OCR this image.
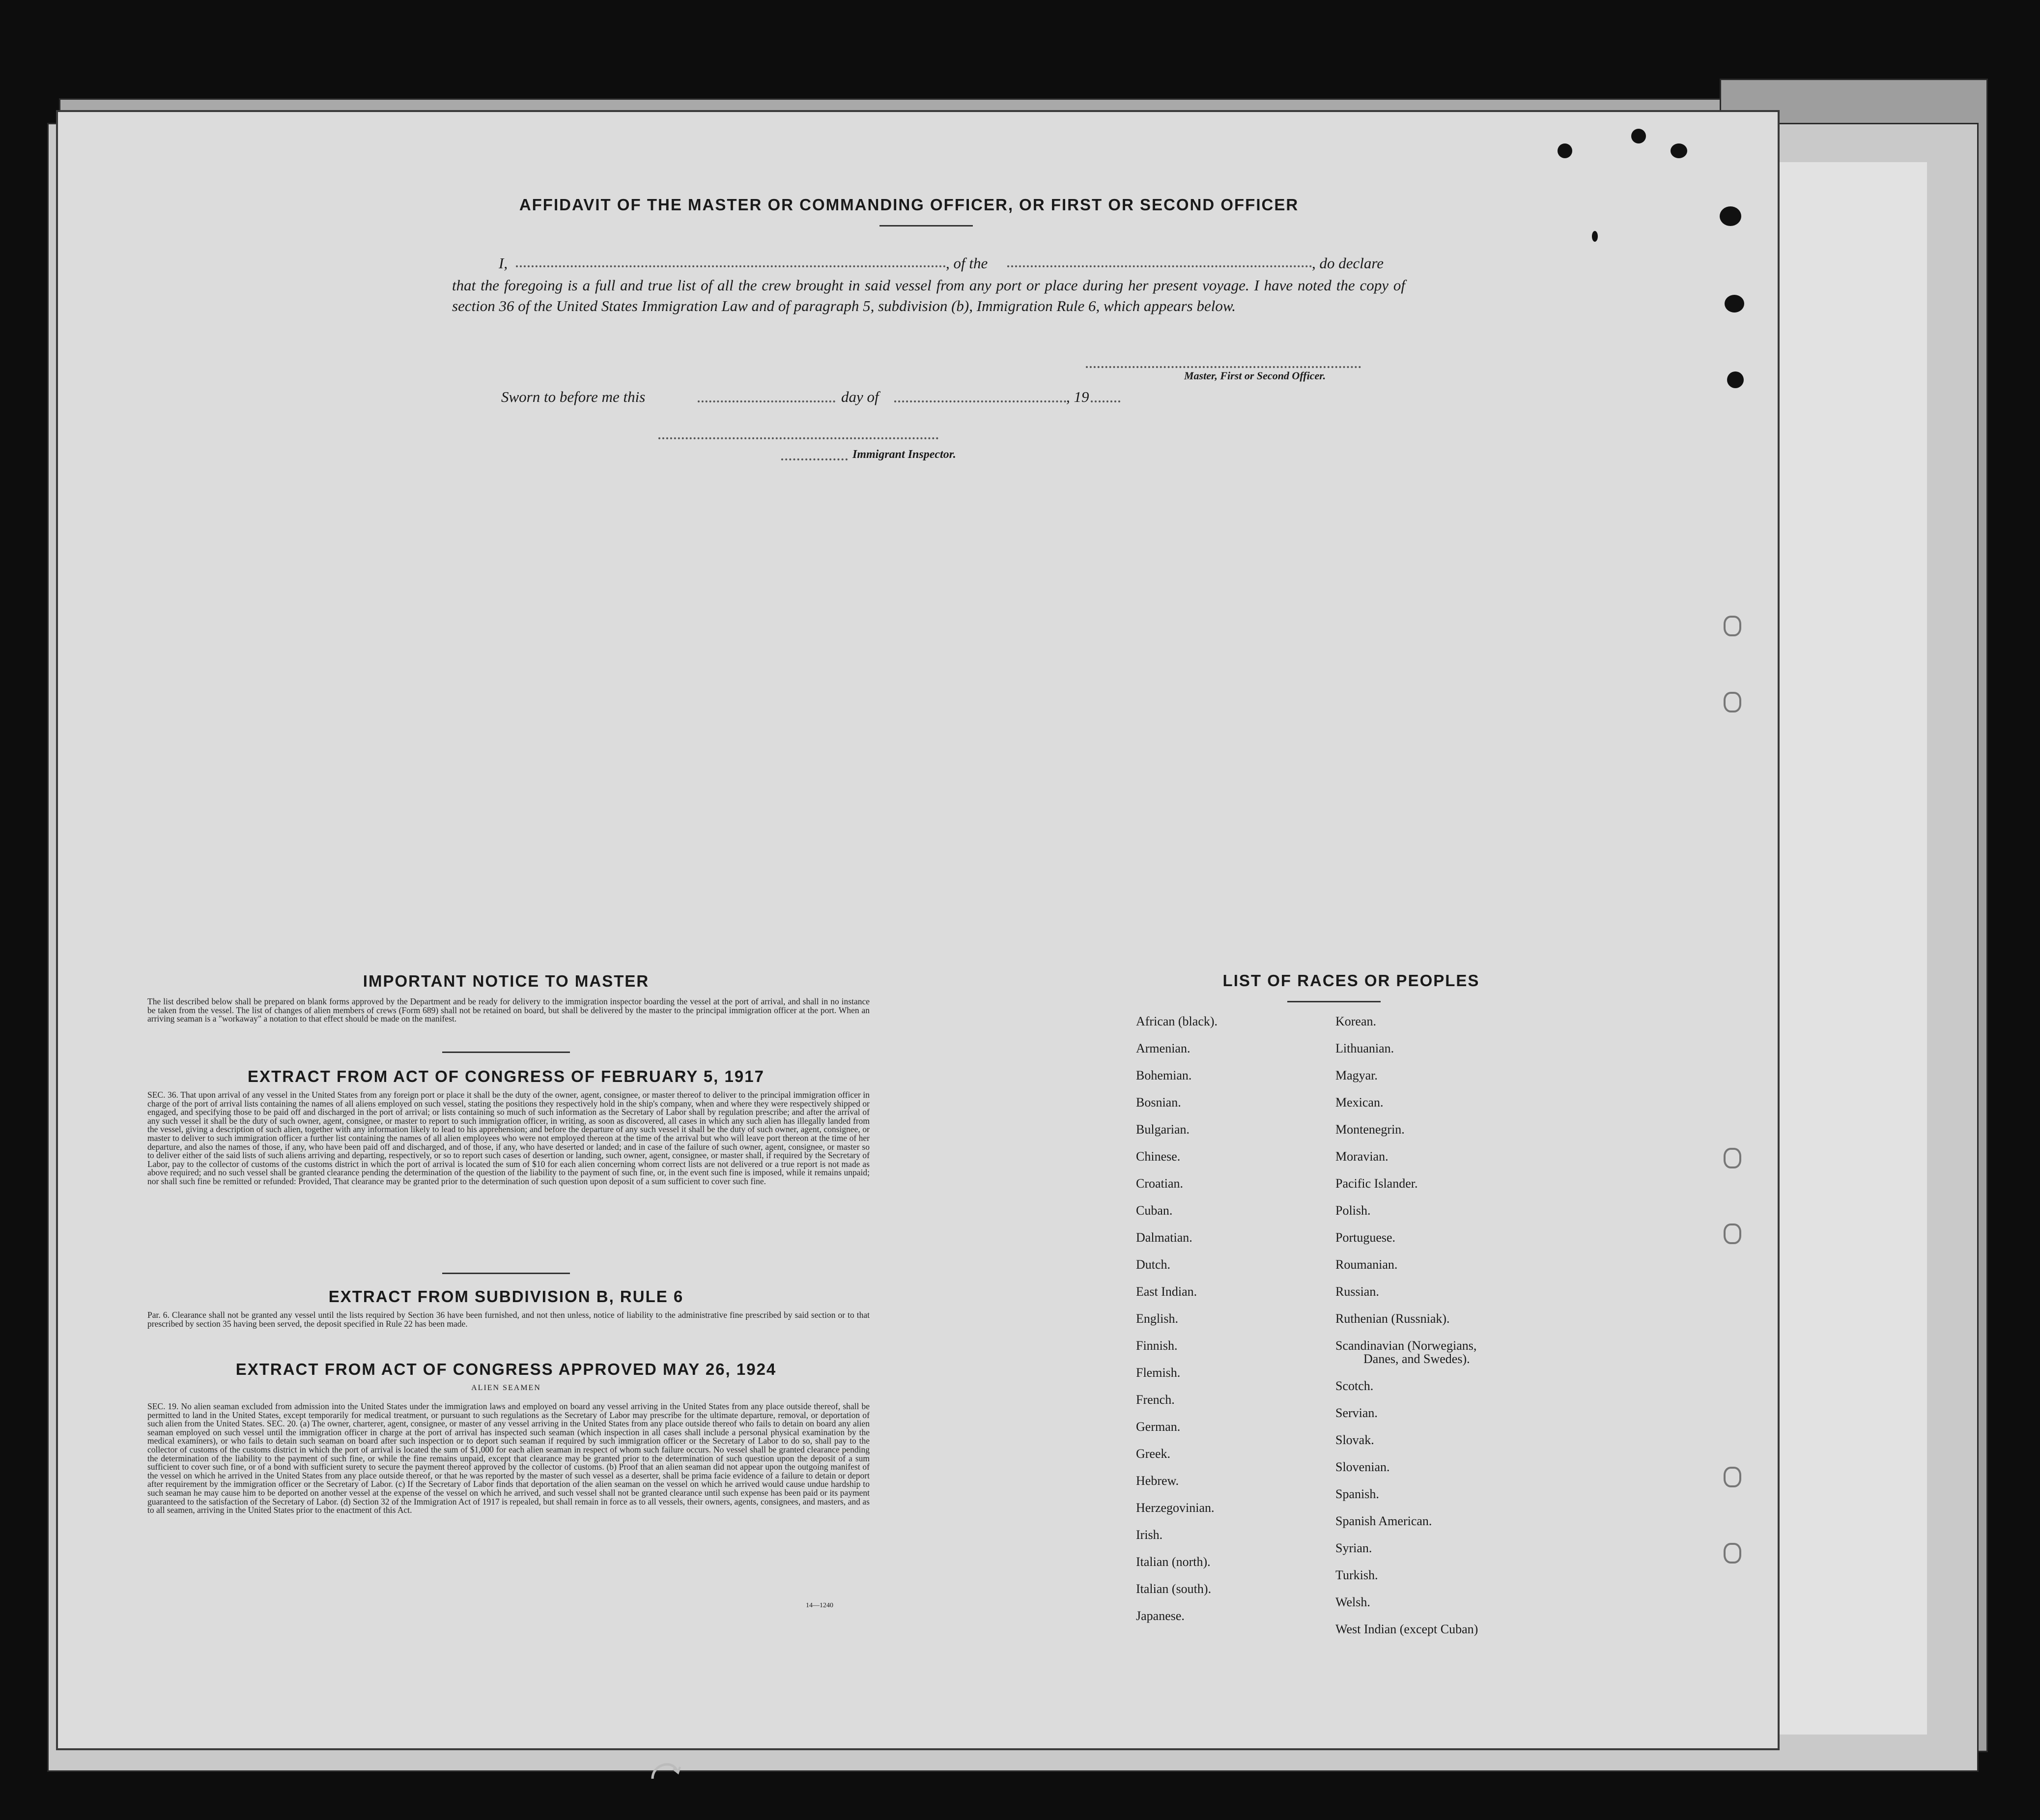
AFFIDAVIT OF THE MASTER OR COMMANDING OFFICER, OR FIRST OR SECOND OFFICER
I,	, of the	, do declare
that the foregoing is a full and true list of all the crew brought in said vessel from any port or place during her present voyage. I have noted the copy of section 36 of the United States Immigration Law and of paragraph 5, subdivision (b), Immigration Rule 6, which appears below.
Master, First or Second Officer.
Sworn to before me this	day of	, 19
Immigrant Inspector.
IMPORTANT NOTICE TO MASTER
The list described below shall be prepared on blank forms approved by the Department and be ready for delivery to the immigration inspector boarding the vessel at the port of arrival, and shall in no instance be taken from the vessel. The list of changes of alien members of crews (Form 689) shall not be retained on board, but shall be delivered by the master to the principal immigration officer at the port. When an arriving seaman is a "workaway" a notation to that effect should be made on the manifest.
EXTRACT FROM ACT OF CONGRESS OF FEBRUARY 5, 1917
SEC. 36. That upon arrival of any vessel in the United States from any foreign port or place it shall be the duty of the owner, agent, consignee, or master thereof to deliver to the principal immigration officer in charge of the port of arrival lists containing the names of all aliens employed on such vessel, stating the positions they respectively hold in the ship's company, when and where they were respectively shipped or engaged, and specifying those to be paid off and discharged in the port of arrival; or lists containing so much of such information as the Secretary of Labor shall by regulation prescribe; and after the arrival of any such vessel it shall be the duty of such owner, agent, consignee, or master to report to such immigration officer, in writing, as soon as discovered, all cases in which any such alien has illegally landed from the vessel, giving a description of such alien, together with any information likely to lead to his apprehension; and before the departure of any such vessel it shall be the duty of such owner, agent, consignee, or master to deliver to such immigration officer a further list containing the names of all alien employees who were not employed thereon at the time of the arrival but who will leave port thereon at the time of her departure, and also the names of those, if any, who have been paid off and discharged, and of those, if any, who have deserted or landed; and in case of the failure of such owner, agent, consignee, or master so to deliver either of the said lists of such aliens arriving and departing, respectively, or so to report such cases of desertion or landing, such owner, agent, consignee, or master shall, if required by the Secretary of Labor, pay to the collector of customs of the customs district in which the port of arrival is located the sum of $10 for each alien concerning whom correct lists are not delivered or a true report is not made as above required; and no such vessel shall be granted clearance pending the determination of the question of the liability to the payment of such fine, or, in the event such fine is imposed, while it remains unpaid; nor shall such fine be remitted or refunded: Provided, That clearance may be granted prior to the determination of such question upon deposit of a sum sufficient to cover such fine.
EXTRACT FROM SUBDIVISION B, RULE 6
Par. 6. Clearance shall not be granted any vessel until the lists required by Section 36 have been furnished, and not then unless, notice of liability to the administrative fine prescribed by said section or to that prescribed by section 35 having been served, the deposit specified in Rule 22 has been made.
EXTRACT FROM ACT OF CONGRESS APPROVED MAY 26, 1924
ALIEN SEAMEN
SEC. 19. No alien seaman excluded from admission into the United States under the immigration laws and employed on board any vessel arriving in the United States from any place outside thereof, shall be permitted to land in the United States, except temporarily for medical treatment, or pursuant to such regulations as the Secretary of Labor may prescribe for the ultimate departure, removal, or deportation of such alien from the United States. SEC. 20. (a) The owner, charterer, agent, consignee, or master of any vessel arriving in the United States from any place outside thereof who fails to detain on board any alien seaman employed on such vessel until the immigration officer in charge at the port of arrival has inspected such seaman (which inspection in all cases shall include a personal physical examination by the medical examiners), or who fails to detain such seaman on board after such inspection or to deport such seaman if required by such immigration officer or the Secretary of Labor to do so, shall pay to the collector of customs of the customs district in which the port of arrival is located the sum of $1,000 for each alien seaman in respect of whom such failure occurs. No vessel shall be granted clearance pending the determination of the liability to the payment of such fine, or while the fine remains unpaid, except that clearance may be granted prior to the determination of such question upon the deposit of a sum sufficient to cover such fine, or of a bond with sufficient surety to secure the payment thereof approved by the collector of customs. (b) Proof that an alien seaman did not appear upon the outgoing manifest of the vessel on which he arrived in the United States from any place outside thereof, or that he was reported by the master of such vessel as a deserter, shall be prima facie evidence of a failure to detain or deport after requirement by the immigration officer or the Secretary of Labor. (c) If the Secretary of Labor finds that deportation of the alien seaman on the vessel on which he arrived would cause undue hardship to such seaman he may cause him to be deported on another vessel at the expense of the vessel on which he arrived, and such vessel shall not be granted clearance until such expense has been paid or its payment guaranteed to the satisfaction of the Secretary of Labor. (d) Section 32 of the Immigration Act of 1917 is repealed, but shall remain in force as to all vessels, their owners, agents, consignees, and masters, and as to all seamen, arriving in the United States prior to the enactment of this Act.
14—1240
LIST OF RACES OR PEOPLES
African (black).
Armenian.
Bohemian.
Bosnian.
Bulgarian.
Chinese.
Croatian.
Cuban.
Dalmatian.
Dutch.
East Indian.
English.
Finnish.
Flemish.
French.
German.
Greek.
Hebrew.
Herzegovinian.
Irish.
Italian (north).
Italian (south).
Japanese.
Korean.
Lithuanian.
Magyar.
Mexican.
Montenegrin.
Moravian.
Pacific Islander.
Polish.
Portuguese.
Roumanian.
Russian.
Ruthenian (Russniak).
Scandinavian (Norwegians,
Danes, and Swedes).
Scotch.
Servian.
Slovak.
Slovenian.
Spanish.
Spanish American.
Syrian.
Turkish.
Welsh.
West Indian (except Cuban)
